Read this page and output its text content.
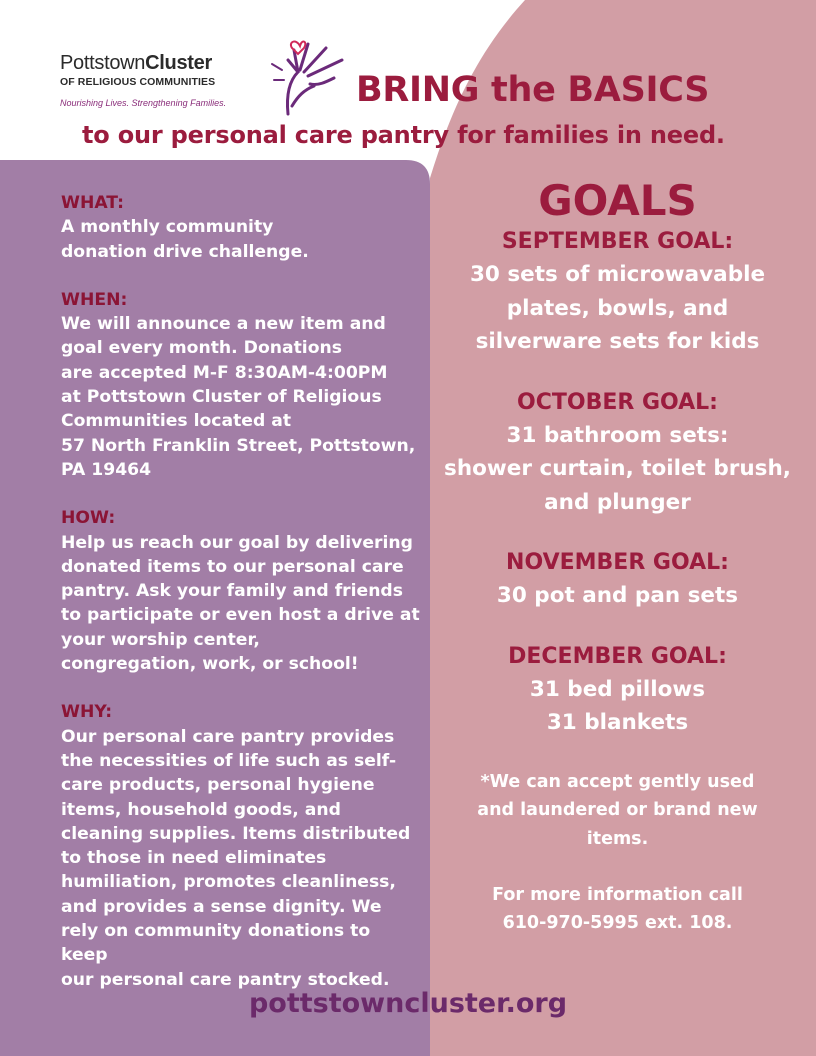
PottstownCluster
OF RELIGIOUS COMMUNITIES
Nourishing Lives. Strengthening Families.	BRING the BASICS
to our personal care pantry for families in need.
WHAT:
A monthly community
donation drive challenge.
WHEN:
We will announce a new item and
goal every month. Donations
are accepted M-F 8:30AM-4:00PM
at Pottstown Cluster of Religious
Communities located at
57 North Franklin Street, Pottstown,
PA 19464
HOW:
Help us reach our goal by delivering
donated items to our personal care
pantry. Ask your family and friends
to participate or even host a drive at
your worship center,
congregation, work, or school!
WHY:
Our personal care pantry provides
the necessities of life such as self-
care products, personal hygiene
items, household goods, and
cleaning supplies. Items distributed
to those in need eliminates
humiliation, promotes cleanliness,
and provides a sense dignity. We
rely on community donations to keep
our personal care pantry stocked.
GOALS
SEPTEMBER GOAL:
30 sets of microwavable
plates, bowls, and
silverware sets for kids
OCTOBER GOAL:
31 bathroom sets:
shower curtain, toilet brush,
and plunger
NOVEMBER GOAL:
30 pot and pan sets
DECEMBER GOAL:
31 bed pillows
31 blankets
*We can accept gently used
and laundered or brand new
items.
For more information call
610-970-5995 ext. 108.
pottstowncluster.org
